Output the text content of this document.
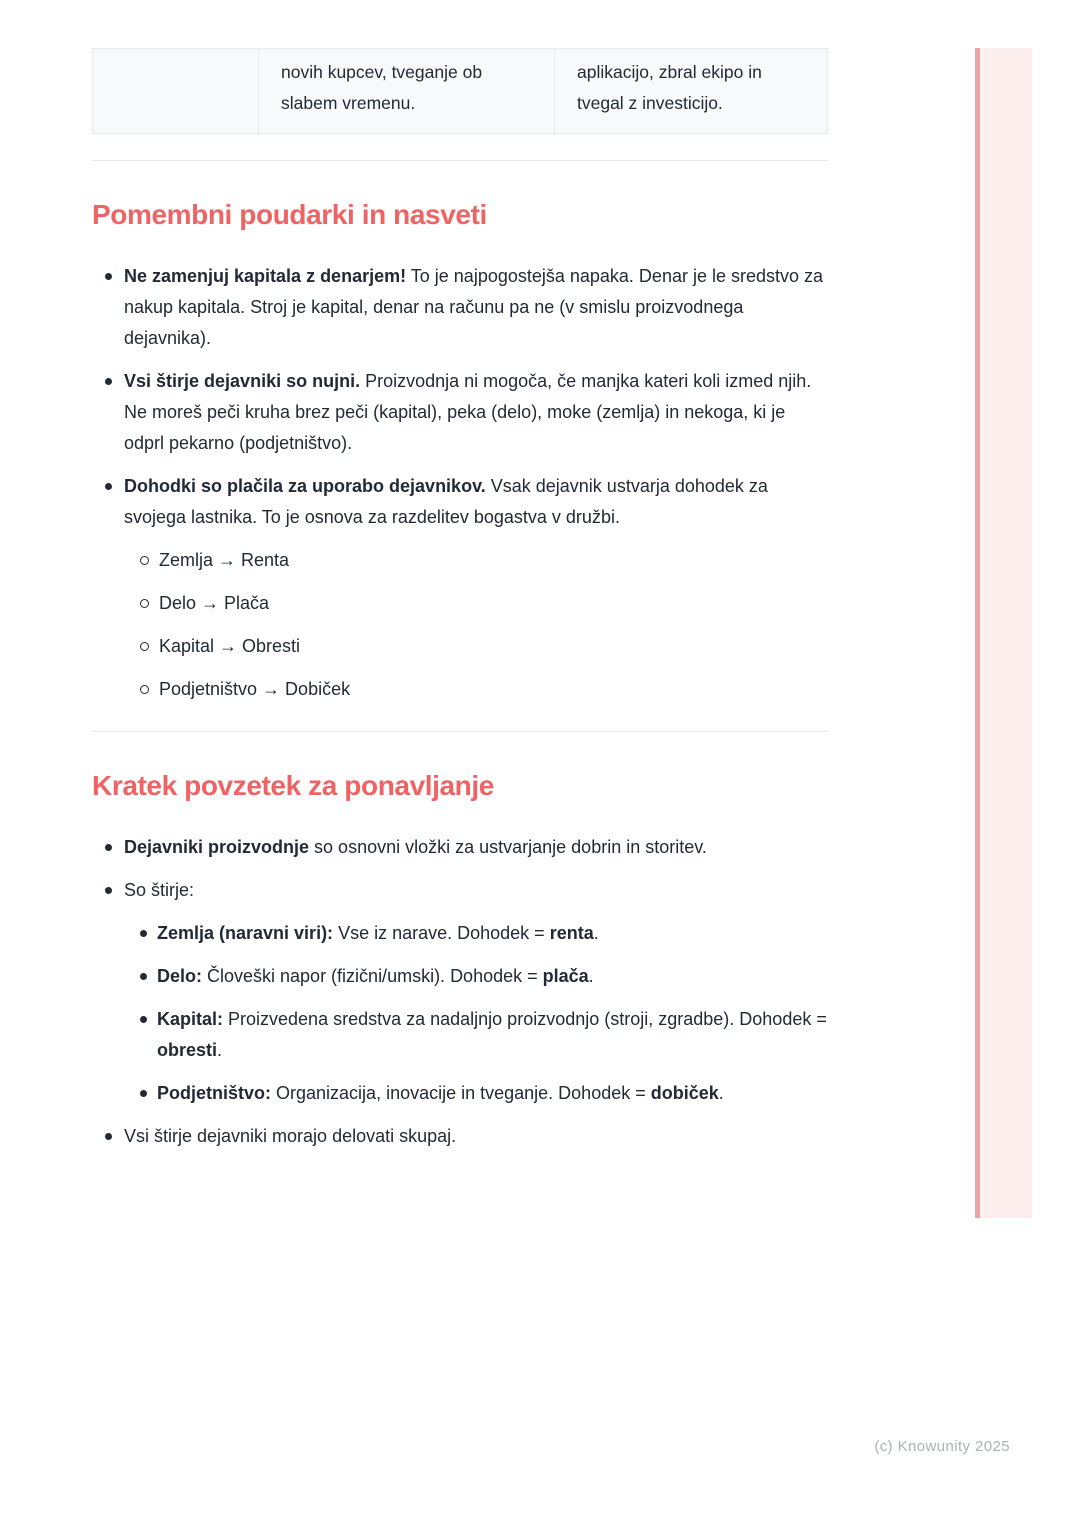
novih kupcev, tveganje ob
slabem vremenu.
aplikacijo, zbral ekipo in
tvegal z investicijo.
Pomembni poudarki in nasveti
Ne zamenjuj kapitala z denarjem! To je najpogostejša napaka. Denar je le sredstvo za nakup kapitala. Stroj je kapital, denar na računu pa ne (v smislu proizvodnega dejavnika).
Vsi štirje dejavniki so nujni. Proizvodnja ni mogoča, če manjka kateri koli izmed njih. Ne moreš peči kruha brez peči (kapital), peka (delo), moke (zemlja) in nekoga, ki je odprl pekarno (podjetništvo).
Dohodki so plačila za uporabo dejavnikov. Vsak dejavnik ustvarja dohodek za svojega lastnika. To je osnova za razdelitev bogastva v družbi.
Zemlja → Renta
Delo → Plača
Kapital → Obresti
Podjetništvo → Dobiček
Kratek povzetek za ponavljanje
Dejavniki proizvodnje so osnovni vložki za ustvarjanje dobrin in storitev.
So štirje:
Zemlja (naravni viri): Vse iz narave. Dohodek = renta.
Delo: Človeški napor (fizični/umski). Dohodek = plača.
Kapital: Proizvedena sredstva za nadaljnjo proizvodnjo (stroji, zgradbe). Dohodek = obresti.
Podjetništvo: Organizacija, inovacije in tveganje. Dohodek = dobiček.
Vsi štirje dejavniki morajo delovati skupaj.
(c) Knowunity 2025
